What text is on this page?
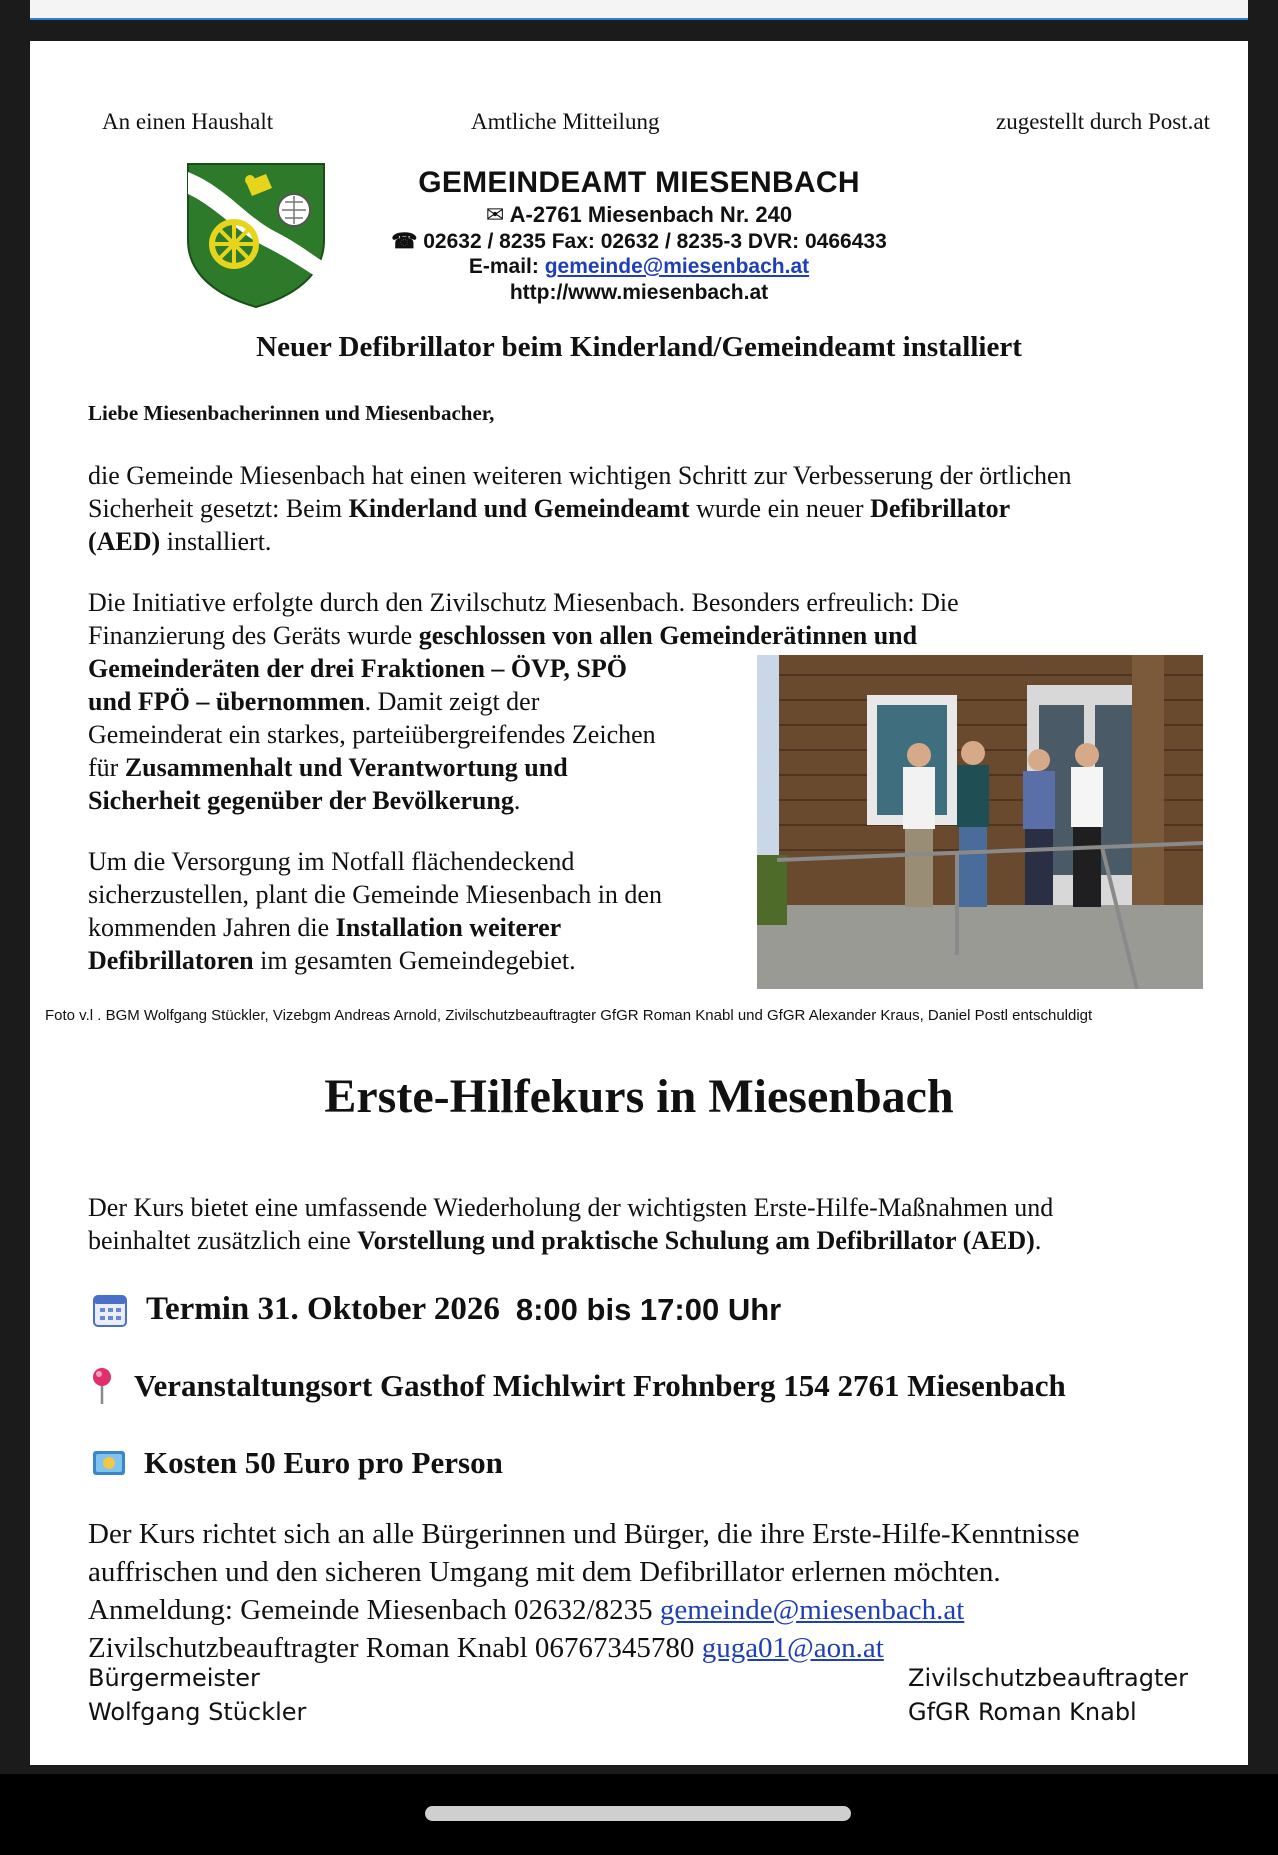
An einen Haushalt	Amtliche Mitteilung	zugestellt durch Post.at
GEMEINDEAMT MIESENBACH
✉ A-2761 Miesenbach Nr. 240
☎ 02632 / 8235 Fax: 02632 / 8235-3 DVR: 0466433
E-mail: gemeinde@miesenbach.at
http://www.miesenbach.at
Neuer Defibrillator beim Kinderland/Gemeindeamt installiert
Liebe Miesenbacherinnen und Miesenbacher,
die Gemeinde Miesenbach hat einen weiteren wichtigen Schritt zur Verbesserung der örtlichen
Sicherheit gesetzt: Beim Kinderland und Gemeindeamt wurde ein neuer Defibrillator
(AED) installiert.
Die Initiative erfolgte durch den Zivilschutz Miesenbach. Besonders erfreulich: Die
Finanzierung des Geräts wurde geschlossen von allen Gemeinderätinnen und
Gemeinderäten der drei Fraktionen – ÖVP, SPÖ
und FPÖ – übernommen. Damit zeigt der
Gemeinderat ein starkes, parteiübergreifendes Zeichen
für Zusammenhalt und Verantwortung und
Sicherheit gegenüber der Bevölkerung.
Um die Versorgung im Notfall flächendeckend
sicherzustellen, plant die Gemeinde Miesenbach in den
kommenden Jahren die Installation weiterer
Defibrillatoren im gesamten Gemeindegebiet.
Foto v.l . BGM Wolfgang Stückler, Vizebgm Andreas Arnold, Zivilschutzbeauftragter GfGR Roman Knabl und GfGR Alexander Kraus, Daniel Postl entschuldigt
Erste-Hilfekurs in Miesenbach
Der Kurs bietet eine umfassende Wiederholung der wichtigsten Erste-Hilfe-Maßnahmen und
beinhaltet zusätzlich eine Vorstellung und praktische Schulung am Defibrillator (AED).
Termin 31. Oktober 2026 8:00 bis 17:00 Uhr
Veranstaltungsort Gasthof Michlwirt Frohnberg 154 2761 Miesenbach
Kosten 50 Euro pro Person
Der Kurs richtet sich an alle Bürgerinnen und Bürger, die ihre Erste-Hilfe-Kenntnisse
auffrischen und den sicheren Umgang mit dem Defibrillator erlernen möchten.
Anmeldung: Gemeinde Miesenbach 02632/8235 gemeinde@miesenbach.at
Zivilschutzbeauftragter Roman Knabl 06767345780 guga01@aon.at
Bürgermeister
Wolfgang Stückler
Zivilschutzbeauftragter
GfGR Roman Knabl
